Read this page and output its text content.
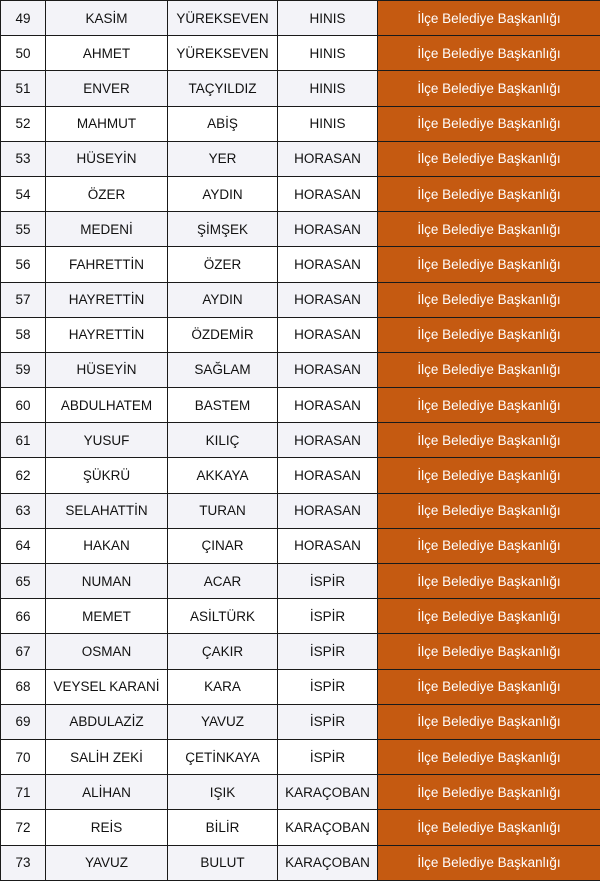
49	KASİM	YÜREKSEVEN	HINIS	İlçe Belediye Başkanlığı
50	AHMET	YÜREKSEVEN	HINIS	İlçe Belediye Başkanlığı
51	ENVER	TAÇYILDIZ	HINIS	İlçe Belediye Başkanlığı
52	MAHMUT	ABİŞ	HINIS	İlçe Belediye Başkanlığı
53	HÜSEYİN	YER	HORASAN	İlçe Belediye Başkanlığı
54	ÖZER	AYDIN	HORASAN	İlçe Belediye Başkanlığı
55	MEDENİ	ŞİMŞEK	HORASAN	İlçe Belediye Başkanlığı
56	FAHRETTİN	ÖZER	HORASAN	İlçe Belediye Başkanlığı
57	HAYRETTİN	AYDIN	HORASAN	İlçe Belediye Başkanlığı
58	HAYRETTİN	ÖZDEMİR	HORASAN	İlçe Belediye Başkanlığı
59	HÜSEYİN	SAĞLAM	HORASAN	İlçe Belediye Başkanlığı
60	ABDULHATEM	BASTEM	HORASAN	İlçe Belediye Başkanlığı
61	YUSUF	KILIÇ	HORASAN	İlçe Belediye Başkanlığı
62	ŞÜKRÜ	AKKAYA	HORASAN	İlçe Belediye Başkanlığı
63	SELAHATTİN	TURAN	HORASAN	İlçe Belediye Başkanlığı
64	HAKAN	ÇINAR	HORASAN	İlçe Belediye Başkanlığı
65	NUMAN	ACAR	İSPİR	İlçe Belediye Başkanlığı
66	MEMET	ASİLTÜRK	İSPİR	İlçe Belediye Başkanlığı
67	OSMAN	ÇAKIR	İSPİR	İlçe Belediye Başkanlığı
68	VEYSEL KARANİ	KARA	İSPİR	İlçe Belediye Başkanlığı
69	ABDULAZİZ	YAVUZ	İSPİR	İlçe Belediye Başkanlığı
70	SALİH ZEKİ	ÇETİNKAYA	İSPİR	İlçe Belediye Başkanlığı
71	ALİHAN	IŞIK	KARAÇOBAN	İlçe Belediye Başkanlığı
72	REİS	BİLİR	KARAÇOBAN	İlçe Belediye Başkanlığı
73	YAVUZ	BULUT	KARAÇOBAN	İlçe Belediye Başkanlığı
